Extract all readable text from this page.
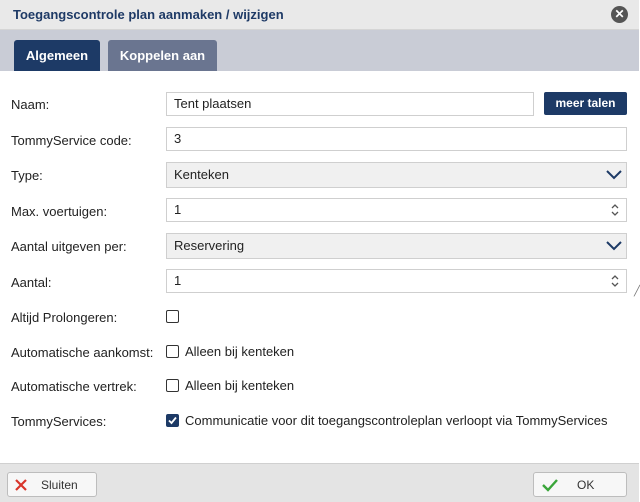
Toegangscontrole plan aanmaken / wijzigen	✕
Algemeen	Koppelen aan
Naam:	Tent plaatsen	meer talen
TommyService code:	3
Type:	Kenteken
Max. voertuigen:	1
Aantal uitgeven per:	Reservering
Aantal:	1
╱
Altijd Prolongeren:
Automatische aankomst: Alleen bij kenteken
Automatische vertrek:	Alleen bij kenteken
TommyServices:	Communicatie voor dit toegangscontroleplan verloopt via TommyServices
Sluiten	OK
